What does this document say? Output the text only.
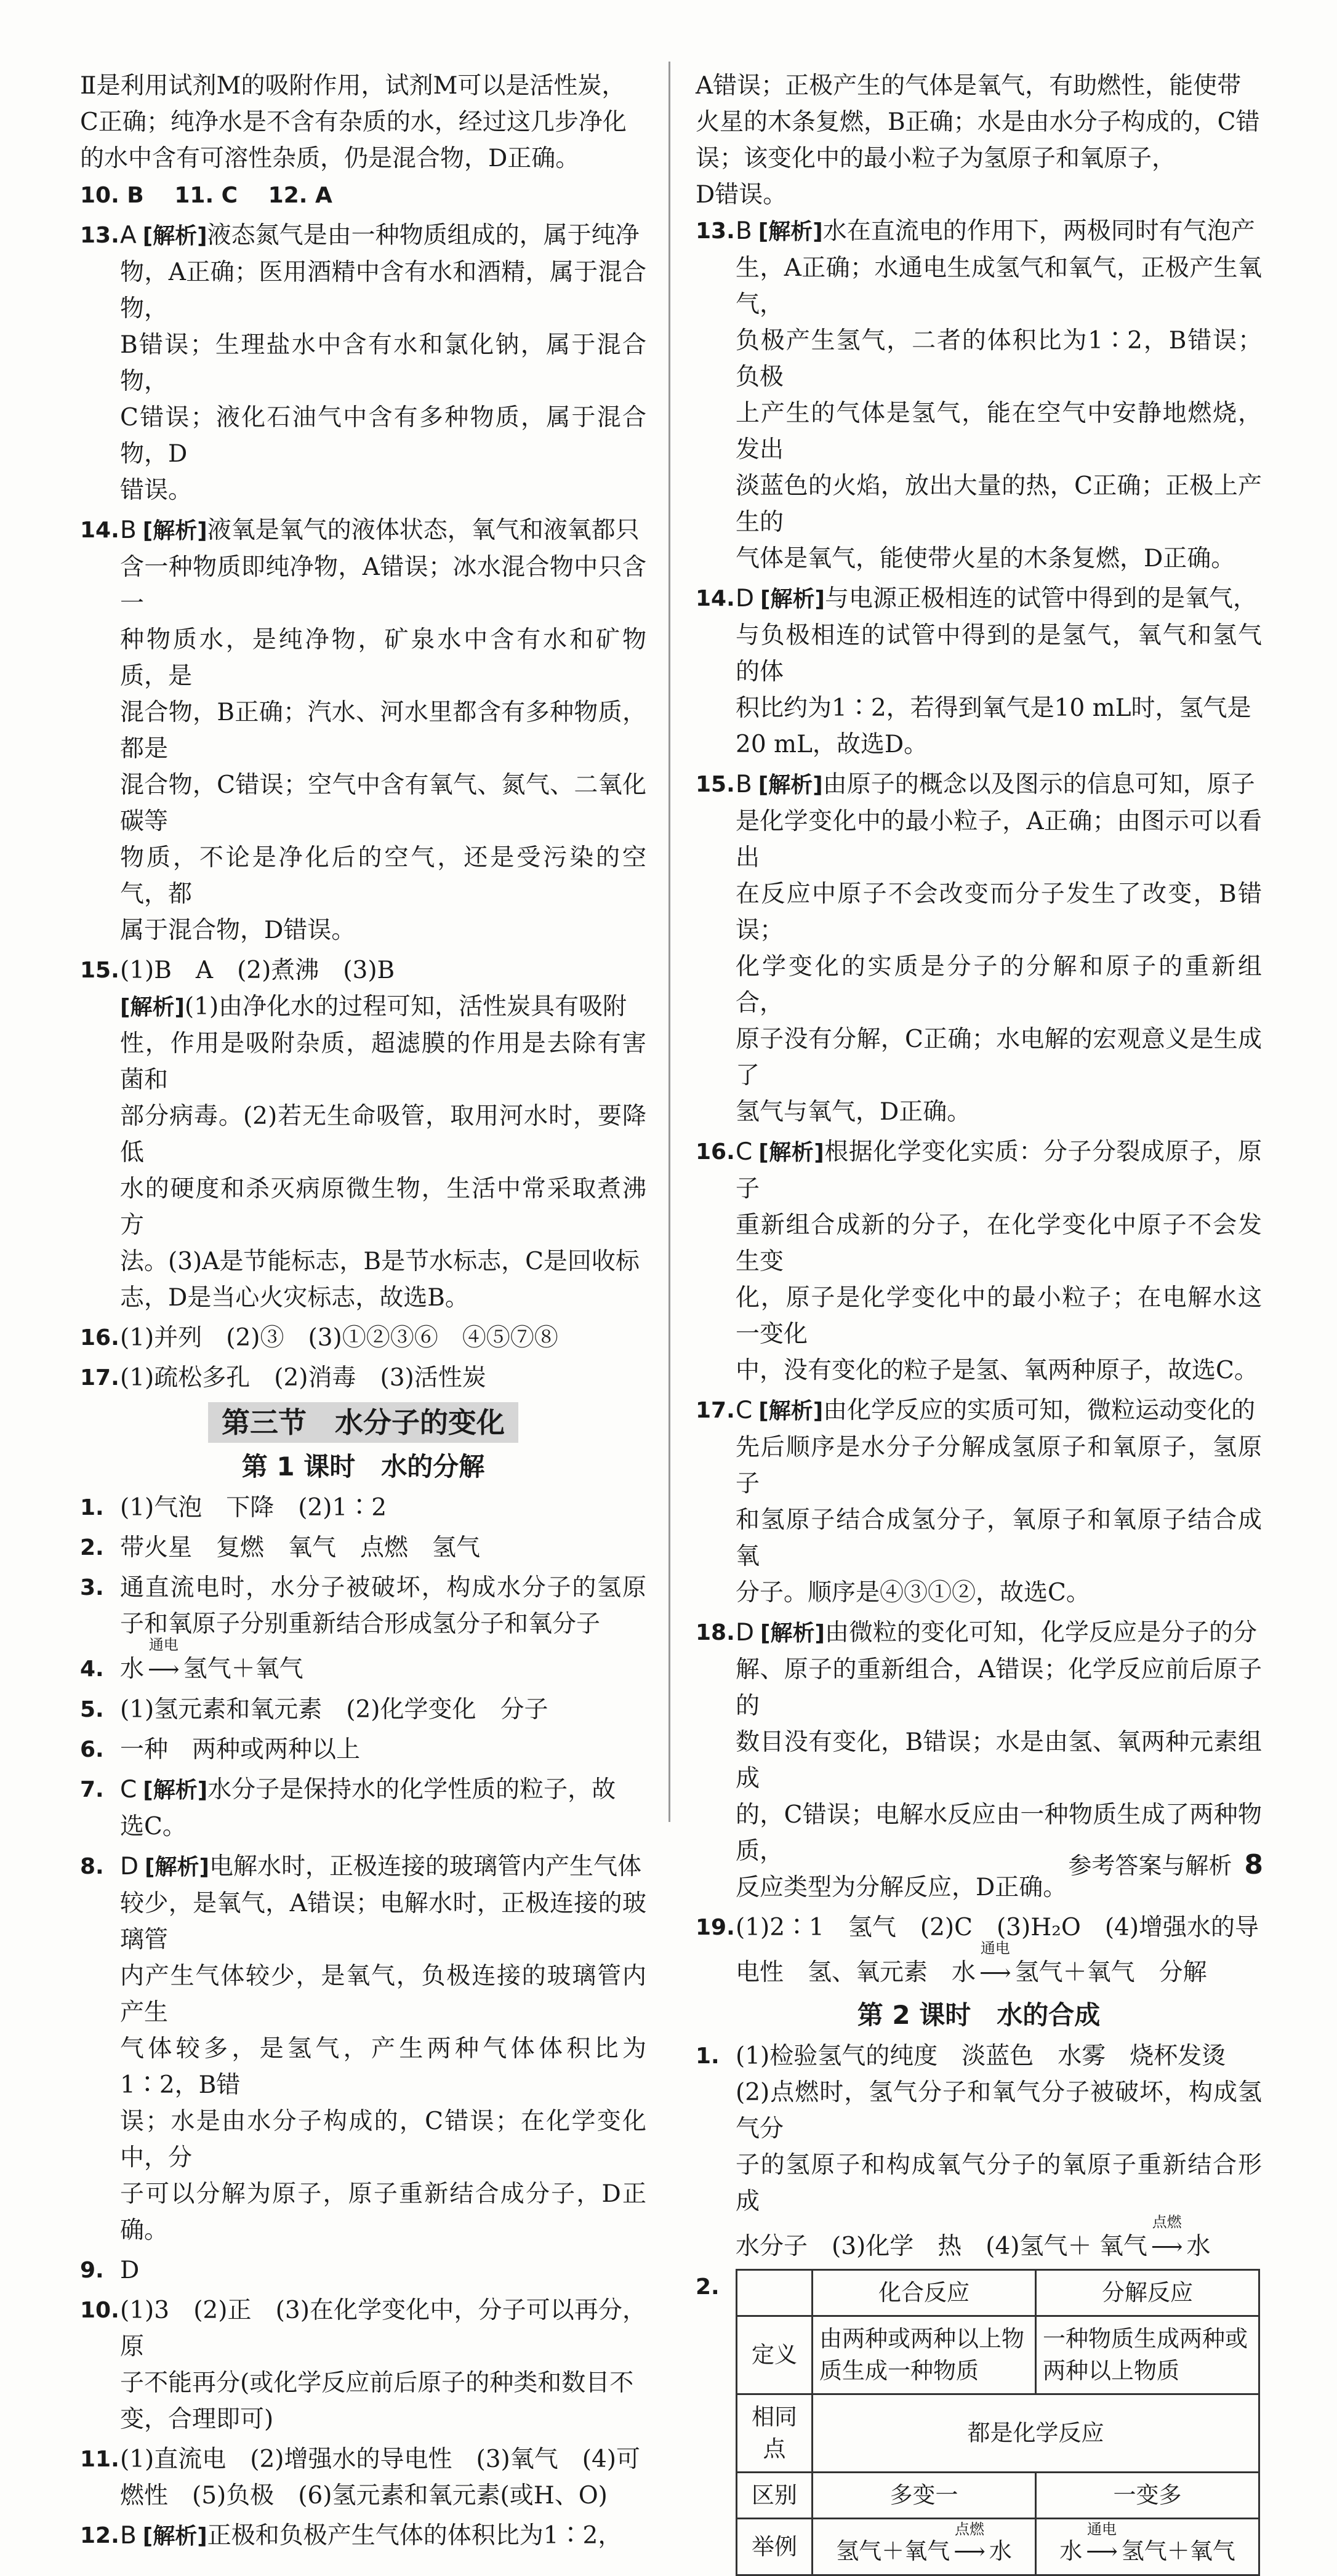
Ⅱ是利用试剂M的吸附作用，试剂M可以是活性炭，

C正确；纯净水是不含有杂质的水，经过这几步净化

的水中含有可溶性杂质，仍是混合物，D正确。

10. B 11. C 12. A
13. A [解析]液态氮气是由一种物质组成的，属于纯净

物，A正确；医用酒精中含有水和酒精，属于混合物，

B错误；生理盐水中含有水和氯化钠，属于混合物，

C错误；液化石油气中含有多种物质，属于混合物，D

错误。

14. B [解析]液氧是氧气的液体状态，氧气和液氧都只

含一种物质即纯净物，A错误；冰水混合物中只含一

种物质水，是纯净物，矿泉水中含有水和矿物质，是

混合物，B正确；汽水、河水里都含有多种物质，都是

混合物，C错误；空气中含有氧气、氮气、二氧化碳等

物质，不论是净化后的空气，还是受污染的空气，都

属于混合物，D错误。

15. (1)B　A　(2)煮沸　(3)B

[解析](1)由净化水的过程可知，活性炭具有吸附

性，作用是吸附杂质，超滤膜的作用是去除有害菌和

部分病毒。(2)若无生命吸管，取用河水时，要降低

水的硬度和杀灭病原微生物，生活中常采取煮沸方

法。(3)A是节能标志，B是节水标志，C是回收标

志，D是当心火灾标志，故选B。

16. (1)并列　(2)③　(3)①②③⑥　④⑤⑦⑧

17. (1)疏松多孔　(2)消毒　(3)活性炭

第三节　水分子的变化
第 1 课时　水的分解
1. (1)气泡　下降　(2)1∶2

2. 带火星　复燃　氧气　点燃　氢气

3. 通直流电时，水分子被破坏，构成水分子的氢原子和氧原子分别重新结合形成氢分子和氧分子

4. 水
通电
⟶ 氢气＋氧气

5. (1)氢元素和氧元素　(2)化学变化　分子

6. 一种　两种或两种以上

7. C [解析]水分子是保持水的化学性质的粒子，故

选C。

8. D [解析]电解水时，正极连接的玻璃管内产生气体

较少，是氧气，A错误；电解水时，正极连接的玻璃管

内产生气体较少，是氧气，负极连接的玻璃管内产生

气体较多，是氢气，产生两种气体体积比为1∶2，B错

误；水是由水分子构成的，C错误；在化学变化中，分

子可以分解为原子，原子重新结合成分子，D正确。

9. D

10. (1)3　(2)正　(3)在化学变化中，分子可以再分，原

子不能再分(或化学反应前后原子的种类和数目不

变，合理即可)

11. (1)直流电　(2)增强水的导电性　(3)氧气　(4)可

燃性　(5)负极　(6)氢元素和氧元素(或H、O)

12. B [解析]正极和负极产生气体的体积比为1∶2，

A错误；正极产生的气体是氧气，有助燃性，能使带

火星的木条复燃，B正确；水是由水分子构成的，C错

误；该变化中的最小粒子为氢原子和氧原子，

D错误。

13. B [解析]水在直流电的作用下，两极同时有气泡产

生，A正确；水通电生成氢气和氧气，正极产生氧气，

负极产生氢气，二者的体积比为1∶2，B错误；负极

上产生的气体是氢气，能在空气中安静地燃烧，发出

淡蓝色的火焰，放出大量的热，C正确；正极上产生的

气体是氧气，能使带火星的木条复燃，D正确。

14. D [解析]与电源正极相连的试管中得到的是氧气，

与负极相连的试管中得到的是氢气，氧气和氢气的体

积比约为1∶2，若得到氧气是10 mL时，氢气是

20 mL，故选D。

15. B [解析]由原子的概念以及图示的信息可知，原子

是化学变化中的最小粒子，A正确；由图示可以看出

在反应中原子不会改变而分子发生了改变，B错误；

化学变化的实质是分子的分解和原子的重新组合，

原子没有分解，C正确；水电解的宏观意义是生成了

氢气与氧气，D正确。

16. C [解析]根据化学变化实质：分子分裂成原子，原子

重新组合成新的分子，在化学变化中原子不会发生变

化，原子是化学变化中的最小粒子；在电解水这一变化

中，没有变化的粒子是氢、氧两种原子，故选C。

17. C [解析]由化学反应的实质可知，微粒运动变化的

先后顺序是水分子分解成氢原子和氧原子，氢原子

和氢原子结合成氢分子，氧原子和氧原子结合成氧

分子。顺序是④③①②，故选C。

18. D [解析]由微粒的变化可知，化学反应是分子的分

解、原子的重新组合，A错误；化学反应前后原子的

数目没有变化，B错误；水是由氢、氧两种元素组成

的，C错误；电解水反应由一种物质生成了两种物质，

反应类型为分解反应，D正确。

19. (1)2∶1　氢气　(2)C　(3)H₂O　(4)增强水的导

电性　氢、氧元素　水
通电
⟶ 氢气＋氧气　分解

第 2 课时　水的合成
1. (1)检验氢气的纯度　淡蓝色　水雾　烧杯发烫

(2)点燃时，氢气分子和氧气分子被破坏，构成氢气分

子的氢原子和构成氧气分子的氧原子重新结合形成

水分子　(3)化学　热　(4)氢气＋ 氧气
点燃
⟶ 水

2.
		化合反应	分解反应
定义	由两种或两种以上物质生成一种物质	一种物质生成两种或两种以上物质
相同点	都是化学反应	
区别	多变一	一变多
举例	氢气＋氧气
点燃
⟶ 水	水
通电
⟶ 氢气＋氧气
参考答案与解析 8
